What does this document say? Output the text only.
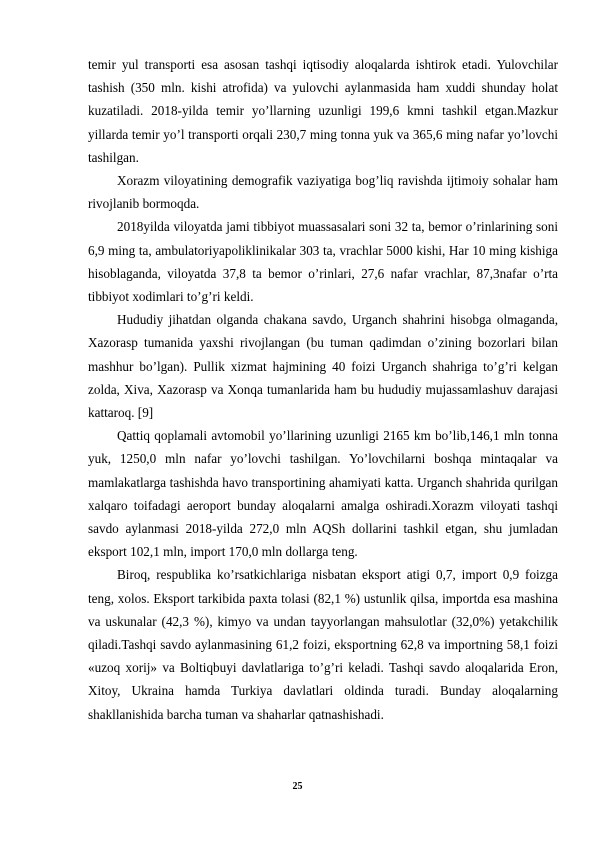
temir yul transporti esa asosan tashqi iqtisodiy aloqalarda ishtirok etadi. Yulovchilar tashish (350 mln. kishi atrofida) va yulovchi aylanmasida ham xuddi shunday holat kuzatiladi. 2018-yilda temir yo’llarning uzunligi 199,6 kmni tashkil etgan.Mazkur yillarda temir yo’l transporti orqali 230,7 ming tonna yuk va 365,6 ming nafar yo’lovchi tashilgan.

Xorazm viloyatining demografik vaziyatiga bog’liq ravishda ijtimoiy sohalar ham rivojlanib bormoqda.

2018yilda viloyatda jami tibbiyot muassasalari soni 32 ta, bemor o’rinlarining soni 6,9 ming ta, ambulatoriyapoliklinikalar 303 ta, vrachlar 5000 kishi, Har 10 ming kishiga hisoblaganda, viloyatda 37,8 ta bemor o’rinlari, 27,6 nafar vrachlar, 87,3nafar o’rta tibbiyot xodimlari to’g’ri keldi.

Hududiy jihatdan olganda chakana savdo, Urganch shahrini hisobga olmaganda, Xazorasp tumanida yaxshi rivojlangan (bu tuman qadimdan o’zining bozorlari bilan mashhur bo’lgan). Pullik xizmat hajmining 40 foizi Urganch shahriga to’g’ri kelgan zolda, Xiva, Xazorasp va Xonqa tumanlarida ham bu hududiy mujassamlashuv darajasi kattaroq. [9]

Qattiq qoplamali avtomobil yo’llarining uzunligi 2165 km bo’lib,146,1 mln tonna yuk, 1250,0 mln nafar yo’lovchi tashilgan. Yo’lovchilarni boshqa mintaqalar va mamlakatlarga tashishda havo transportining ahamiyati katta. Urganch shahrida qurilgan xalqaro toifadagi aeroport bunday aloqalarni amalga oshiradi.Xorazm viloyati tashqi savdo aylanmasi 2018-yilda 272,0 mln AQSh dollarini tashkil etgan, shu jumladan eksport 102,1 mln, import 170,0 mln dollarga teng.

Biroq, respublika ko’rsatkichlariga nisbatan eksport atigi 0,7, import 0,9 foizga teng, xolos. Eksport tarkibida paxta tolasi (82,1 %) ustunlik qilsa, importda esa mashina va uskunalar (42,3 %), kimyo va undan tayyorlangan mahsulotlar (32,0%) yetakchilik qiladi.Tashqi savdo aylanmasining 61,2 foizi, eksportning 62,8 va importning 58,1 foizi «uzoq xorij» va Boltiqbuyi davlatlariga to’g’ri keladi. Tashqi savdo aloqalarida Eron, Xitoy, Ukraina hamda Turkiya davlatlari oldinda turadi. Bunday aloqalarning shakllanishida barcha tuman va shaharlar qatnashishadi.

25
